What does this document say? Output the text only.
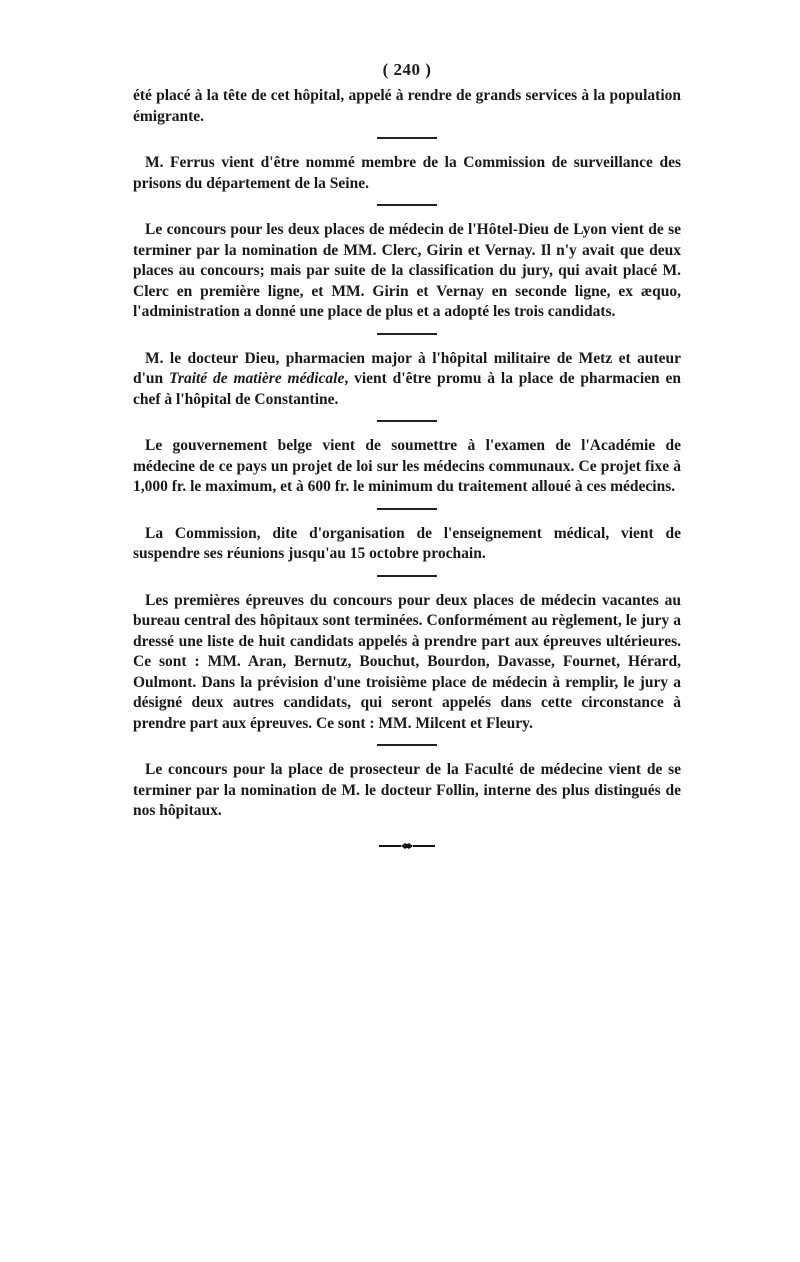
( 240 )

été placé à la tête de cet hôpital, appelé à rendre de grands services à la population émigrante.

M. Ferrus vient d'être nommé membre de la Commission de surveillance des prisons du département de la Seine.

Le concours pour les deux places de médecin de l'Hôtel-Dieu de Lyon vient de se terminer par la nomination de MM. Clerc, Girin et Vernay. Il n'y avait que deux places au concours; mais par suite de la classification du jury, qui avait placé M. Clerc en première ligne, et MM. Girin et Vernay en seconde ligne, ex æquo, l'administration a donné une place de plus et a adopté les trois candidats.

M. le docteur Dieu, pharmacien major à l'hôpital militaire de Metz et auteur d'un Traité de matière médicale, vient d'être promu à la place de pharmacien en chef à l'hôpital de Constantine.

Le gouvernement belge vient de soumettre à l'examen de l'Académie de médecine de ce pays un projet de loi sur les médecins communaux. Ce projet fixe à 1,000 fr. le maximum, et à 600 fr. le minimum du traitement alloué à ces médecins.

La Commission, dite d'organisation de l'enseignement médical, vient de suspendre ses réunions jusqu'au 15 octobre prochain.

Les premières épreuves du concours pour deux places de médecin vacantes au bureau central des hôpitaux sont terminées. Conformément au règlement, le jury a dressé une liste de huit candidats appelés à prendre part aux épreuves ultérieures. Ce sont : MM. Aran, Bernutz, Bouchut, Bourdon, Davasse, Fournet, Hérard, Oulmont. Dans la prévision d'une troisième place de médecin à remplir, le jury a désigné deux autres candidats, qui seront appelés dans cette circonstance à prendre part aux épreuves. Ce sont : MM. Milcent et Fleury.

Le concours pour la place de prosecteur de la Faculté de médecine vient de se terminer par la nomination de M. le docteur Follin, interne des plus distingués de nos hôpitaux.
